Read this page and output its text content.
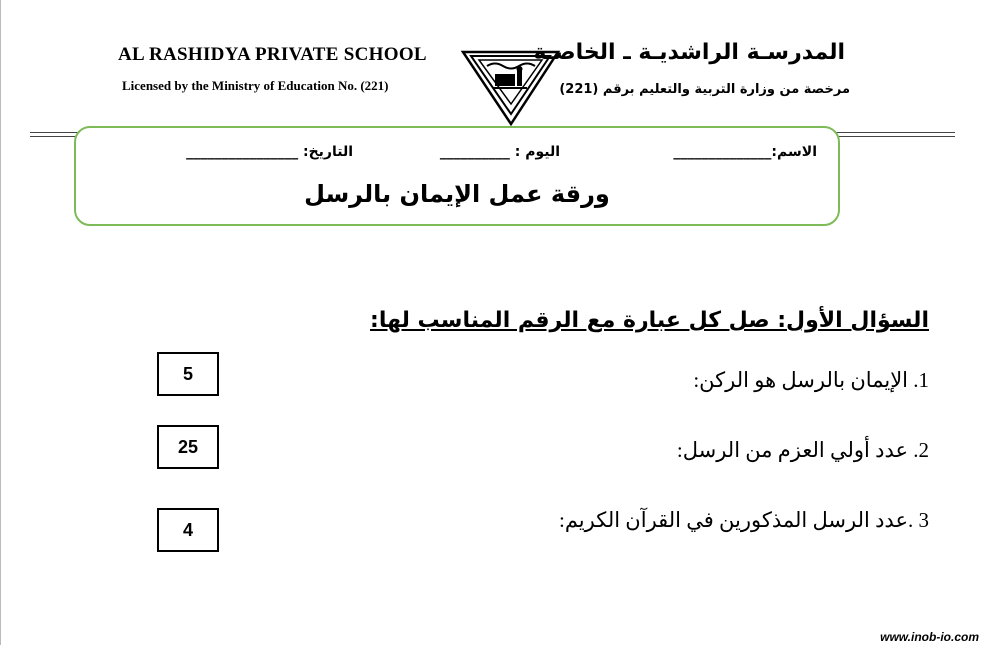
AL RASHIDYA PRIVATE SCHOOL
Licensed by the Ministry of Education No. (221)
المدرسـة الراشديـة ـ الخاصـة
مرخصة من وزارة التربية والتعليم برقم (221)
الاسم:______________
اليوم : __________
التاريخ: ________________
ورقة عمل الإيمان بالرسل
السؤال الأول: صل كل عبارة مع الرقم المناسب لها:
1. الإيمان بالرسل هو الركن:
2. عدد أولي العزم من الرسل:
3 .عدد الرسل المذكورين في القرآن الكريم:
5
25
4
www.inob-io.com
